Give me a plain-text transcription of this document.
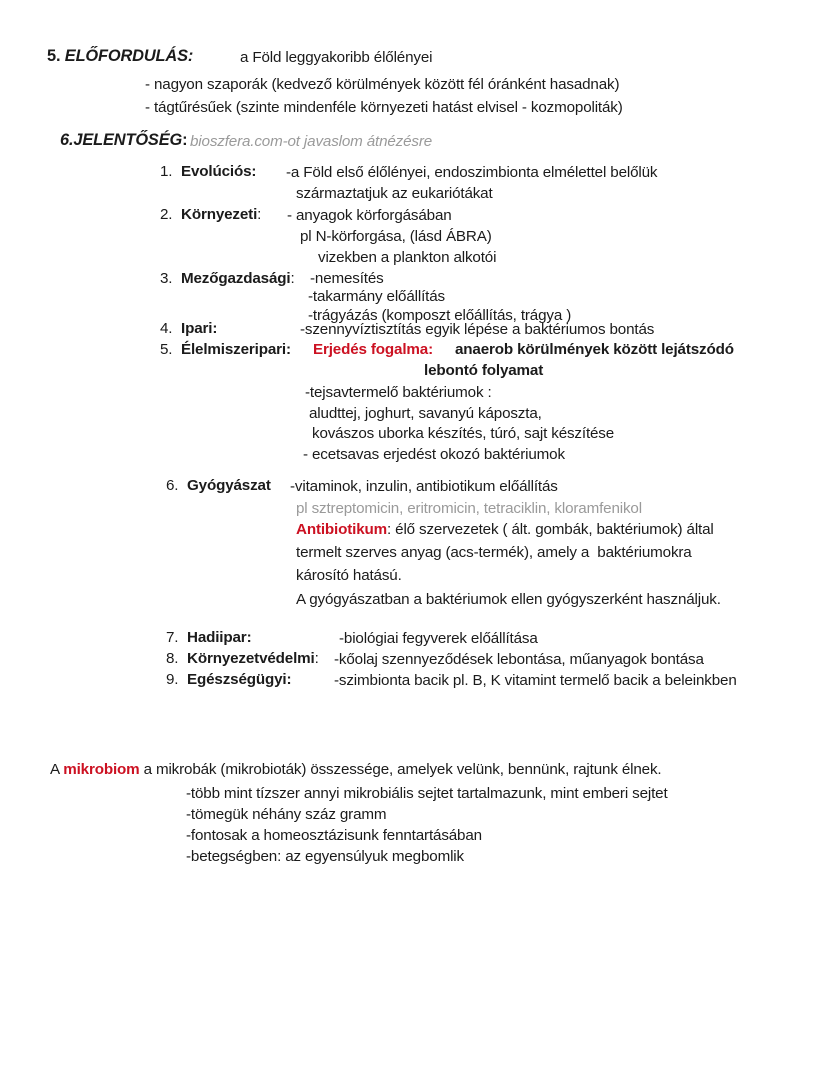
5. ELŐFORDULÁS:	a Föld leggyakoribb élőlényei
- nagyon szaporák (kedvező körülmények között fél óránként hasadnak)
- tágtűrésűek (szinte mindenféle környezeti hatást elvisel - kozmopoliták)
6.JELENTŐSÉG: bioszfera.com-ot javaslom átnézésre
1. Evolúciós: -a Föld első élőlényei, endoszimbionta elmélettel belőlük
származtatjuk az eukariótákat
2. Környezeti: - anyagok körforgásában
pl N-körforgása, (lásd ÁBRA)
vizekben a plankton alkotói
3. Mezőgazdasági: -nemesítés
-takarmány előállítás
-trágyázás (komposzt előállítás, trágya )
4. Ipari:	-szennyvíztisztítás egyik lépése a baktériumos bontás
5. Élelmiszeripari: Erjedés fogalma: anaerob körülmények között lejátszódó
lebontó folyamat
-tejsavtermelő baktériumok :
aludttej, joghurt, savanyú káposzta,
kovászos uborka készítés, túró, sajt készítése
- ecetsavas erjedést okozó baktériumok
6. Gyógyászat -vitaminok, inzulin, antibiotikum előállítás
pl sztreptomicin, eritromicin, tetraciklin, kloramfenikol
Antibiotikum: élő szervezetek ( ált. gombák, baktériumok) által
termelt szerves anyag (acs-termék), amely a  baktériumokra
károsító hatású.
A gyógyászatban a baktériumok ellen gyógyszerként használjuk.
7. Hadiipar:	-biológiai fegyverek előállítása
8. Környezetvédelmi: -kőolaj szennyeződések lebontása, műanyagok bontása
9. Egészségügyi:	-szimbionta bacik pl. B, K vitamint termelő bacik a beleinkben
A mikrobiom a mikrobák (mikrobioták) összessége, amelyek velünk, bennünk, rajtunk élnek.
-több mint tízszer annyi mikrobiális sejtet tartalmazunk, mint emberi sejtet
-tömegük néhány száz gramm
-fontosak a homeosztázisunk fenntartásában
-betegségben: az egyensúlyuk megbomlik
